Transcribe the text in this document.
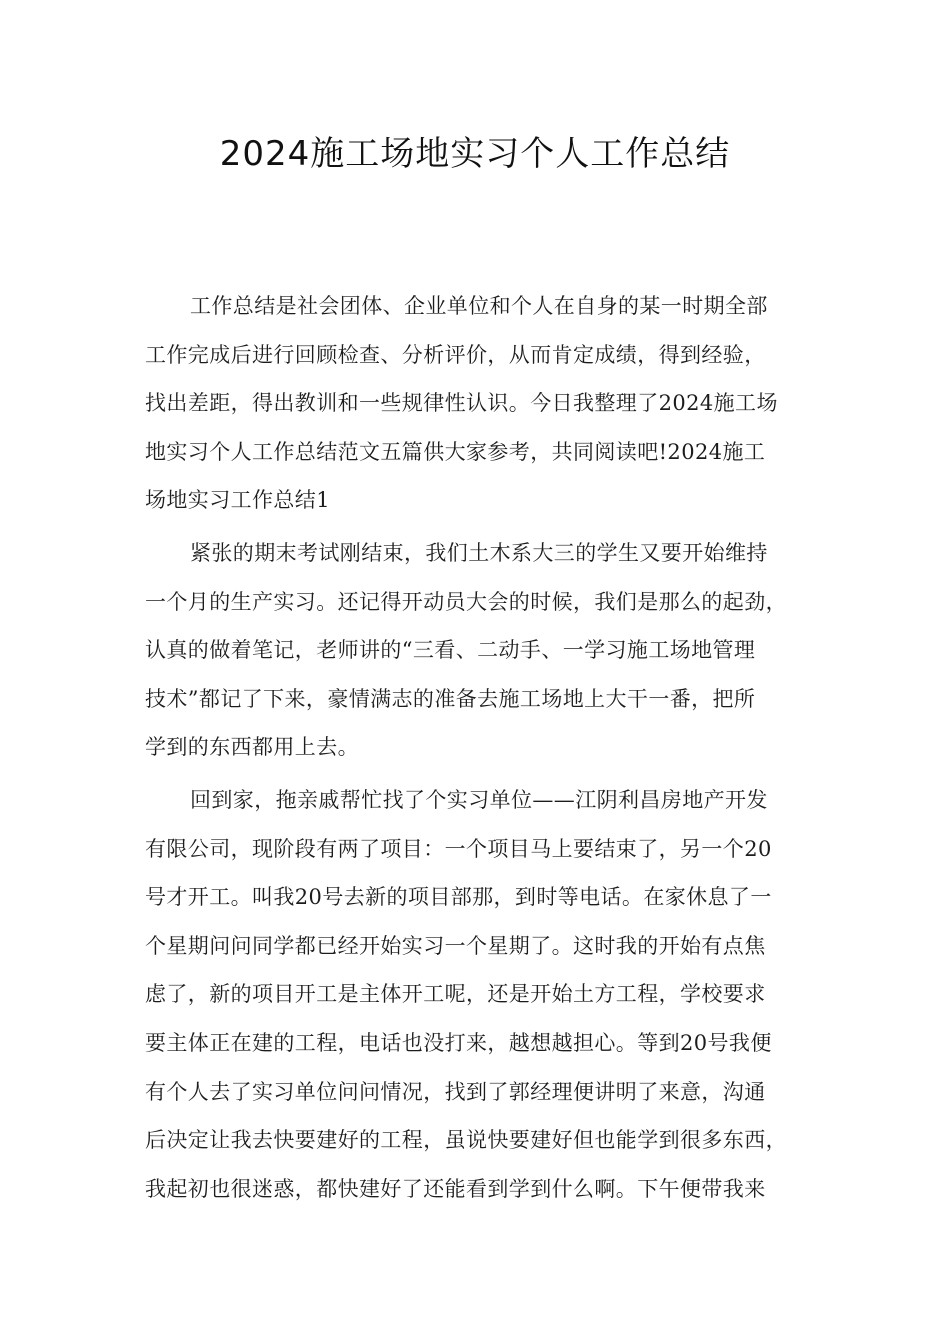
2024施工场地实习个人工作总结

工作总结是社会团体、企业单位和个人在自身的某一时期全部
工作完成后进行回顾检查、分析评价，从而肯定成绩，得到经验，
找出差距，得出教训和一些规律性认识。今日我整理了2024施工场
地实习个人工作总结范文五篇供大家参考，共同阅读吧!2024施工
场地实习工作总结1

紧张的期末考试刚结束，我们土木系大三的学生又要开始维持
一个月的生产实习。还记得开动员大会的时候，我们是那么的起劲，
认真的做着笔记，老师讲的“三看、二动手、一学习施工场地管理
技术”都记了下来，豪情满志的准备去施工场地上大干一番，把所
学到的东西都用上去。

回到家，拖亲戚帮忙找了个实习单位——江阴利昌房地产开发
有限公司，现阶段有两了项目：一个项目马上要结束了，另一个20
号才开工。叫我20号去新的项目部那，到时等电话。在家休息了一
个星期问问同学都已经开始实习一个星期了。这时我的开始有点焦
虑了，新的项目开工是主体开工呢，还是开始土方工程，学校要求
要主体正在建的工程，电话也没打来，越想越担心。等到20号我便
有个人去了实习单位问问情况，找到了郭经理便讲明了来意，沟通
后决定让我去快要建好的工程，虽说快要建好但也能学到很多东西，
我起初也很迷惑，都快建好了还能看到学到什么啊。下午便带我来
